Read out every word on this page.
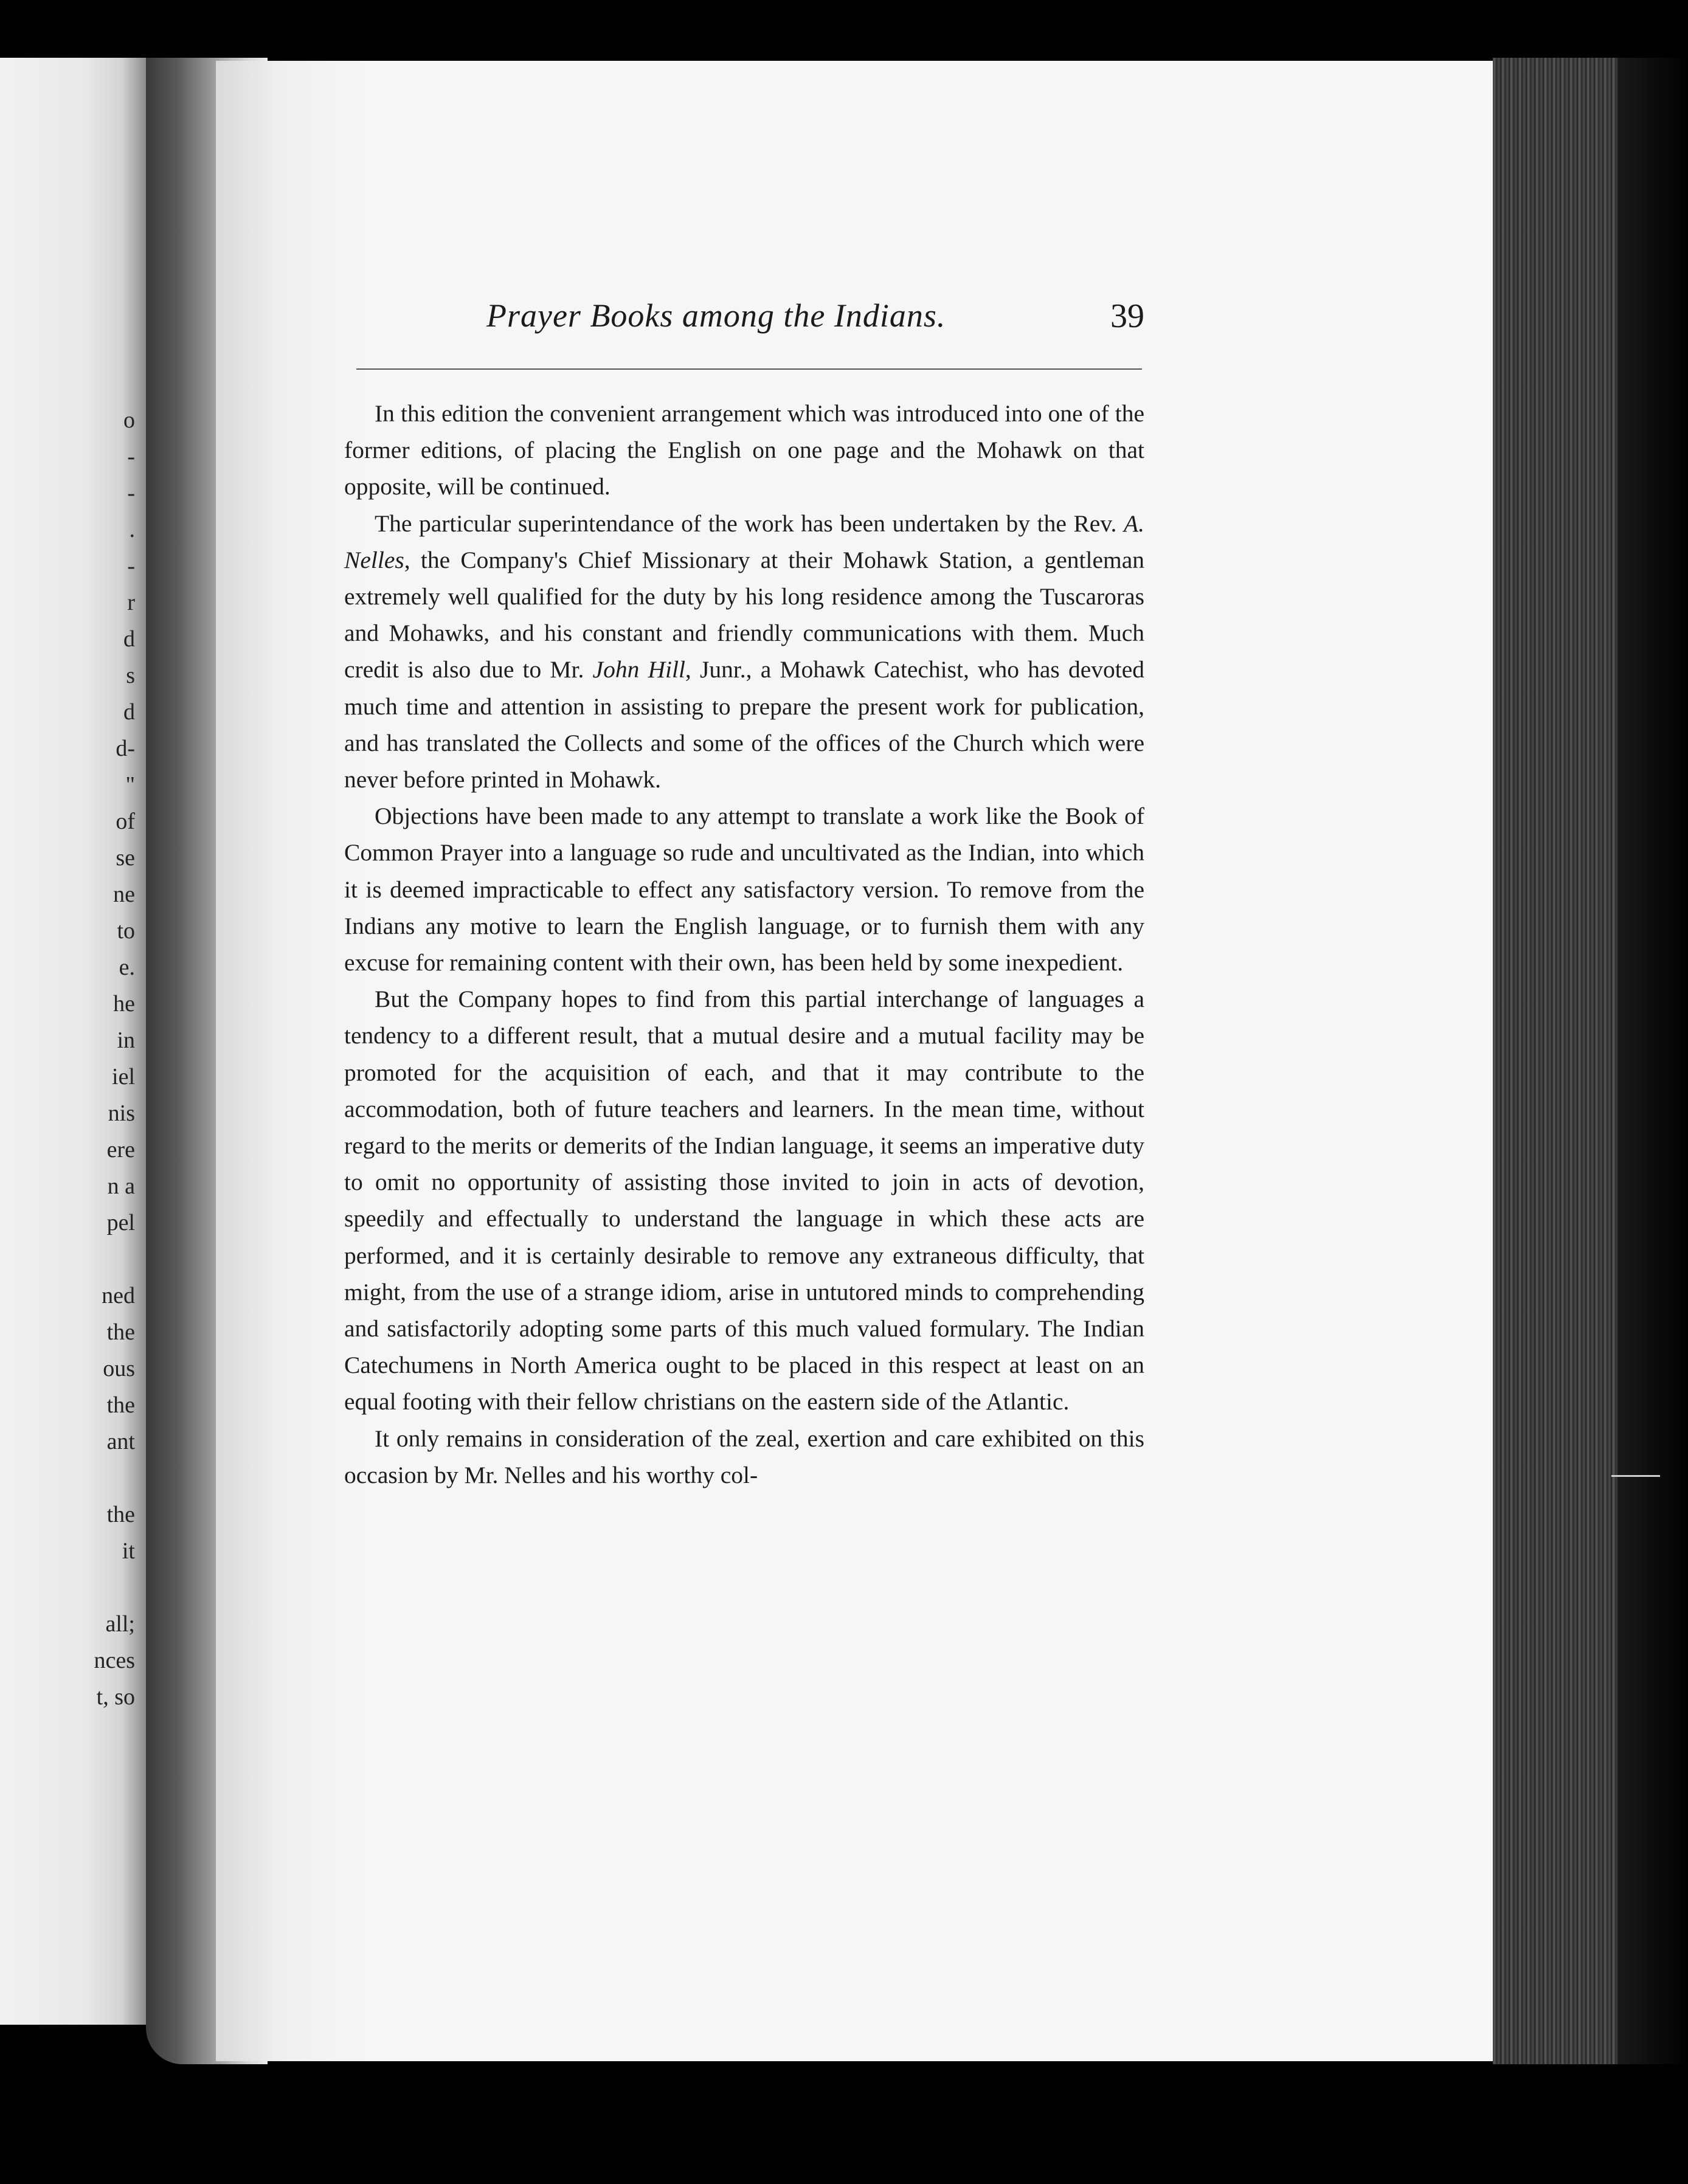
o
-
-
.
-
r
d
s
d
d-
"
of
se
ne
to
e.
he
in
iel
nis
ere
n a
pel
ned
the
ous
the
ant
the
it
all;
nces
t, so
Prayer Books among the Indians.	39

In this edition the convenient arrangement which was introduced into one of the former editions, of placing the English on one page and the Mohawk on that opposite, will be continued.

The particular superintendance of the work has been undertaken by the Rev. A. Nelles, the Company's Chief Missionary at their Mohawk Station, a gentleman extremely well qualified for the duty by his long residence among the Tuscaroras and Mohawks, and his constant and friendly communications with them. Much credit is also due to Mr. John Hill, Junr., a Mohawk Catechist, who has devoted much time and attention in assisting to prepare the present work for publication, and has translated the Collects and some of the offices of the Church which were never before printed in Mohawk.

Objections have been made to any attempt to translate a work like the Book of Common Prayer into a language so rude and uncultivated as the Indian, into which it is deemed impracticable to effect any satisfactory version. To remove from the Indians any motive to learn the English language, or to furnish them with any excuse for remaining content with their own, has been held by some inexpedient.

But the Company hopes to find from this partial interchange of languages a tendency to a different result, that a mutual desire and a mutual facility may be promoted for the acquisition of each, and that it may contribute to the accommodation, both of future teachers and learners. In the mean time, without regard to the merits or demerits of the Indian language, it seems an imperative duty to omit no opportunity of assisting those invited to join in acts of devotion, speedily and effectually to understand the language in which these acts are performed, and it is certainly desirable to remove any extraneous difficulty, that might, from the use of a strange idiom, arise in untutored minds to comprehending and satisfactorily adopting some parts of this much valued formulary. The Indian Catechumens in North America ought to be placed in this respect at least on an equal footing with their fellow christians on the eastern side of the Atlantic.

It only remains in consideration of the zeal, exertion and care exhibited on this occasion by Mr. Nelles and his worthy col-
